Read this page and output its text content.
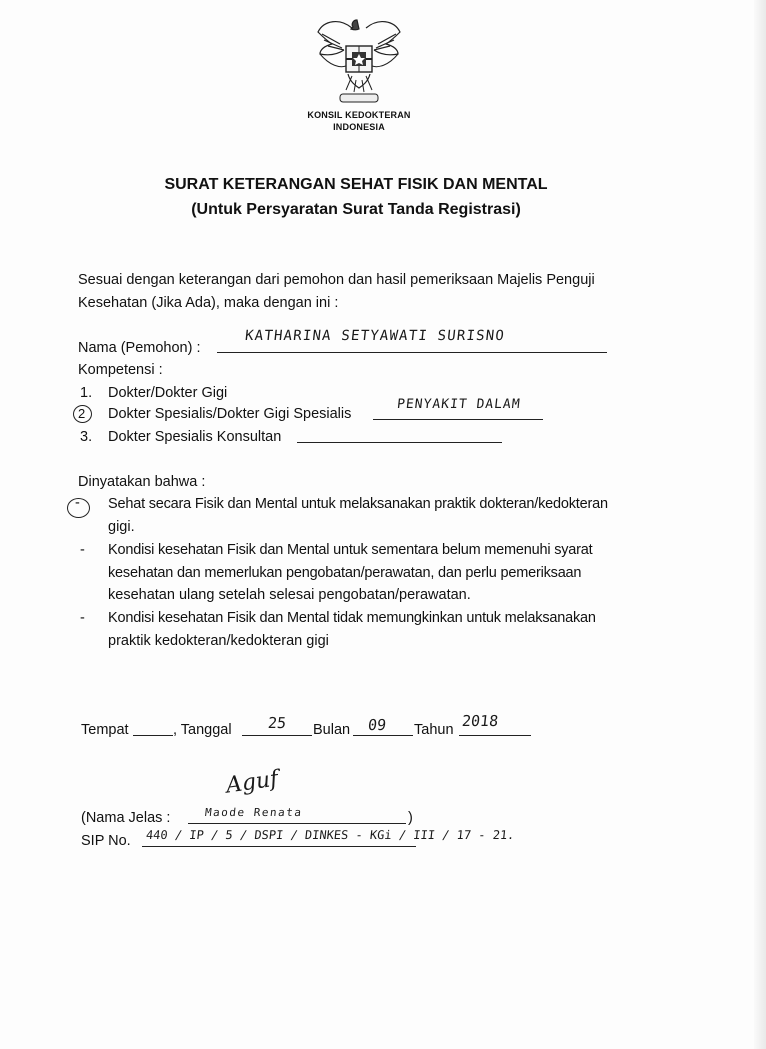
KONSIL KEDOKTERAN
INDONESIA
SURAT KETERANGAN SEHAT FISIK DAN MENTAL
(Untuk Persyaratan Surat Tanda Registrasi)
Sesuai dengan keterangan dari pemohon dan hasil pemeriksaan Majelis Penguji
Kesehatan (Jika Ada), maka dengan ini :
Nama (Pemohon) :
KATHARINA SETYAWATI SURISNO
Kompetensi :
1. Dokter/Dokter Gigi
2 Dokter Spesialis/Dokter Gigi Spesialis
PENYAKIT DALAM
3. Dokter Spesialis Konsultan
Dinyatakan bahwa :
- Sehat secara Fisik dan Mental untuk melaksanakan praktik dokteran/kedokteran
gigi.
- Kondisi kesehatan Fisik dan Mental untuk sementara belum memenuhi syarat
kesehatan dan memerlukan pengobatan/perawatan, dan perlu pemeriksaan
kesehatan ulang setelah selesai pengobatan/perawatan.
- Kondisi kesehatan Fisik dan Mental tidak memungkinkan untuk melaksanakan
praktik kedokteran/kedokteran gigi
Tempat	, Tanggal 25 Bulan 09 Tahun 2018
Aguf
(Nama Jelas :	Maode Renata	)
SIP No. 440 / IP / 5 / DSPI / DINKES - KGi / III / 17 - 21.
